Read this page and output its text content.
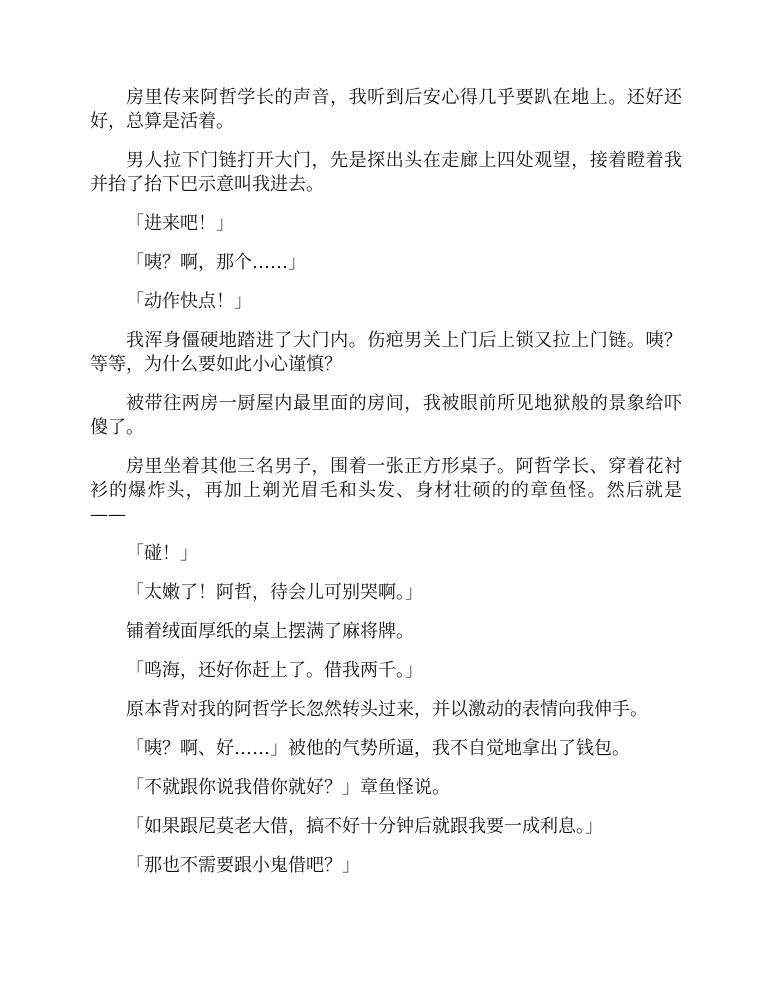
房里传来阿哲学长的声音，我听到后安心得几乎要趴在地上。还好还好，总算是活着。

男人拉下门链打开大门，先是探出头在走廊上四处观望，接着瞪着我并抬了抬下巴示意叫我进去。

「进来吧！」

「咦？啊，那个……」

「动作快点！」

我浑身僵硬地踏进了大门内。伤疤男关上门后上锁又拉上门链。咦？等等，为什么要如此小心谨慎？

被带往两房一厨屋内最里面的房间，我被眼前所见地狱般的景象给吓傻了。

房里坐着其他三名男子，围着一张正方形桌子。阿哲学长、穿着花衬衫的爆炸头，再加上剃光眉毛和头发、身材壮硕的的章鱼怪。然后就是——

「碰！」

「太嫩了！阿哲，待会儿可别哭啊。」

铺着绒面厚纸的桌上摆满了麻将牌。

「鸣海，还好你赶上了。借我两千。」

原本背对我的阿哲学长忽然转头过来，并以激动的表情向我伸手。

「咦？啊、好……」被他的气势所逼，我不自觉地拿出了钱包。

「不就跟你说我借你就好？」章鱼怪说。

「如果跟尼莫老大借，搞不好十分钟后就跟我要一成利息。」

「那也不需要跟小鬼借吧？」
